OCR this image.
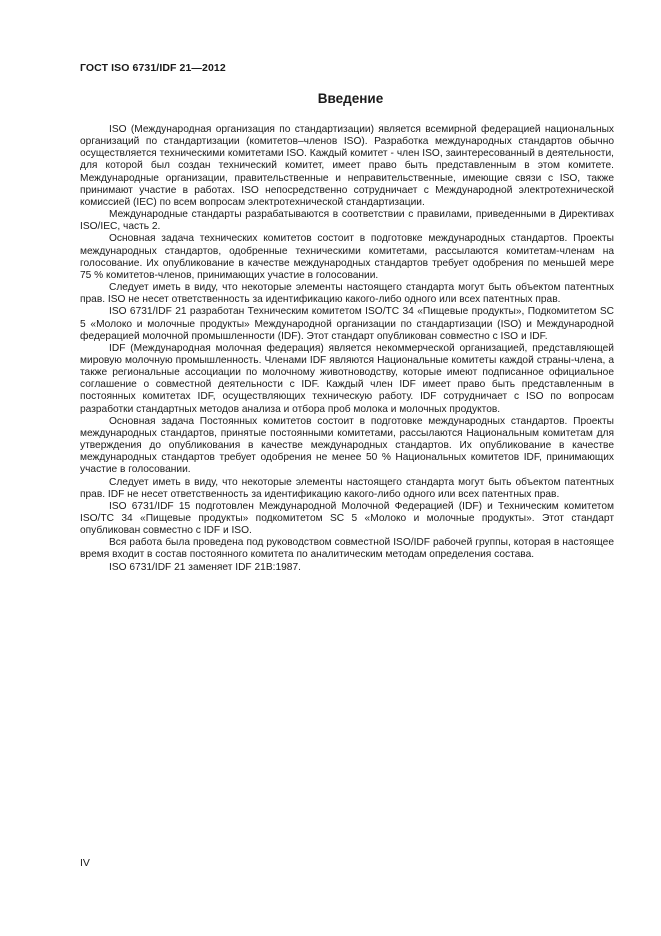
ГОСТ ISO 6731/IDF 21—2012
Введение

ISO (Международная организация по стандартизации) является всемирной федерацией национальных организаций по стандартизации (комитетов–членов ISO). Разработка международных стандартов обычно осуществляется техническими комитетами ISO. Каждый комитет - член ISO, заинтересованный в деятельности, для которой был создан технический комитет, имеет право быть представленным в этом комитете. Международные организации, правительственные и неправительственные, имеющие связи с ISO, также принимают участие в работах. ISO непосредственно сотрудничает с Международной электротехнической комиссией (IEC) по всем вопросам электротехнической стандартизации.

Международные стандарты разрабатываются в соответствии с правилами, приведенными в Директивах ISO/IEC, часть 2.

Основная задача технических комитетов состоит в подготовке международных стандартов. Проекты международных стандартов, одобренные техническими комитетами, рассылаются комитетам-членам на голосование. Их опубликование в качестве международных стандартов требует одобрения по меньшей мере 75 % комитетов-членов, принимающих участие в голосовании.

Следует иметь в виду, что некоторые элементы настоящего стандарта могут быть объектом патентных прав. ISO не несет ответственность за идентификацию какого-либо одного или всех патентных прав.

ISO 6731/IDF 21 разработан Техническим комитетом ISO/TC 34 «Пищевые продукты», Подкомитетом SC 5 «Молоко и молочные продукты» Международной организации по стандартизации (ISO) и Международной федерацией молочной промышленности (IDF). Этот стандарт опубликован совместно с ISO и IDF.

IDF (Международная молочная федерация) является некоммерческой организацией, представляющей мировую молочную промышленность. Членами IDF являются Национальные комитеты каждой страны-члена, а также региональные ассоциации по молочному животноводству, которые имеют подписанное официальное соглашение о совместной деятельности с IDF. Каждый член IDF имеет право быть представленным в постоянных комитетах IDF, осуществляющих техническую работу. IDF сотрудничает с ISO по вопросам разработки стандартных методов анализа и отбора проб молока и молочных продуктов.

Основная задача Постоянных комитетов состоит в подготовке международных стандартов. Проекты международных стандартов, принятые постоянными комитетами, рассылаются Национальным комитетам для утверждения до опубликования в качестве международных стандартов. Их опубликование в качестве международных стандартов требует одобрения не менее 50 % Национальных комитетов IDF, принимающих участие в голосовании.

Следует иметь в виду, что некоторые элементы настоящего стандарта могут быть объектом патентных прав. IDF не несет ответственность за идентификацию какого-либо одного или всех патентных прав.

ISO 6731/IDF 15 подготовлен Международной Молочной Федерацией (IDF) и Техническим комитетом ISO/TC 34 «Пищевые продукты» подкомитетом SC 5 «Молоко и молочные продукты». Этот стандарт опубликован совместно с IDF и ISO.

Вся работа была проведена под руководством совместной ISO/IDF рабочей группы, которая в настоящее время входит в состав постоянного комитета по аналитическим методам определения состава.

ISO 6731/IDF 21 заменяет IDF 21B:1987.

IV
